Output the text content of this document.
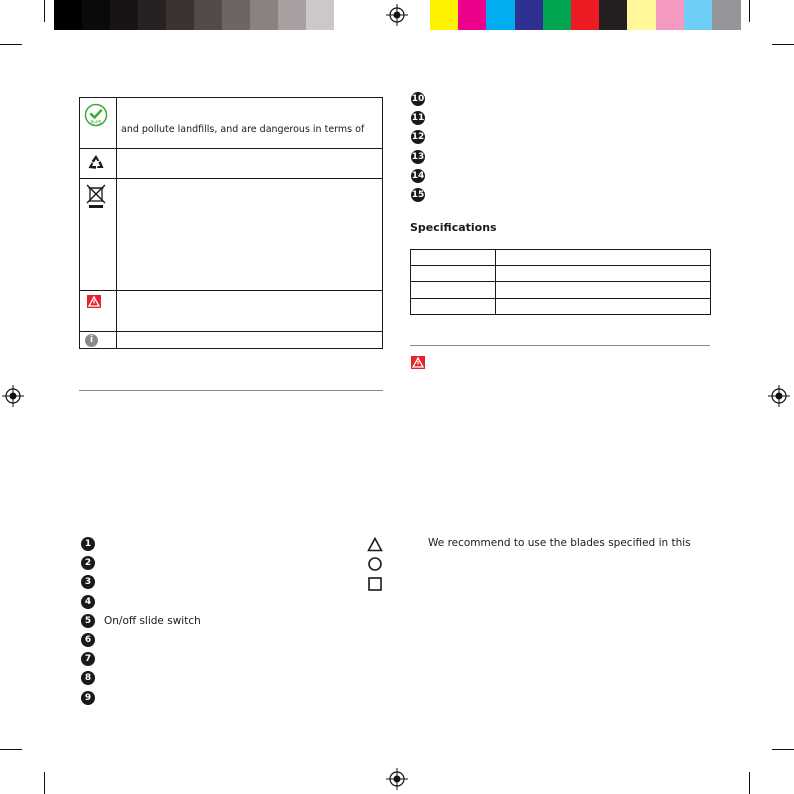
RoHS
and pollute landfills, and are dangerous in terms of
i
10
11
12
13
14
15
Specifications
1
2
3
4
5	On/off slide switch
6
7
8
9
We recommend to use the blades specified in this
